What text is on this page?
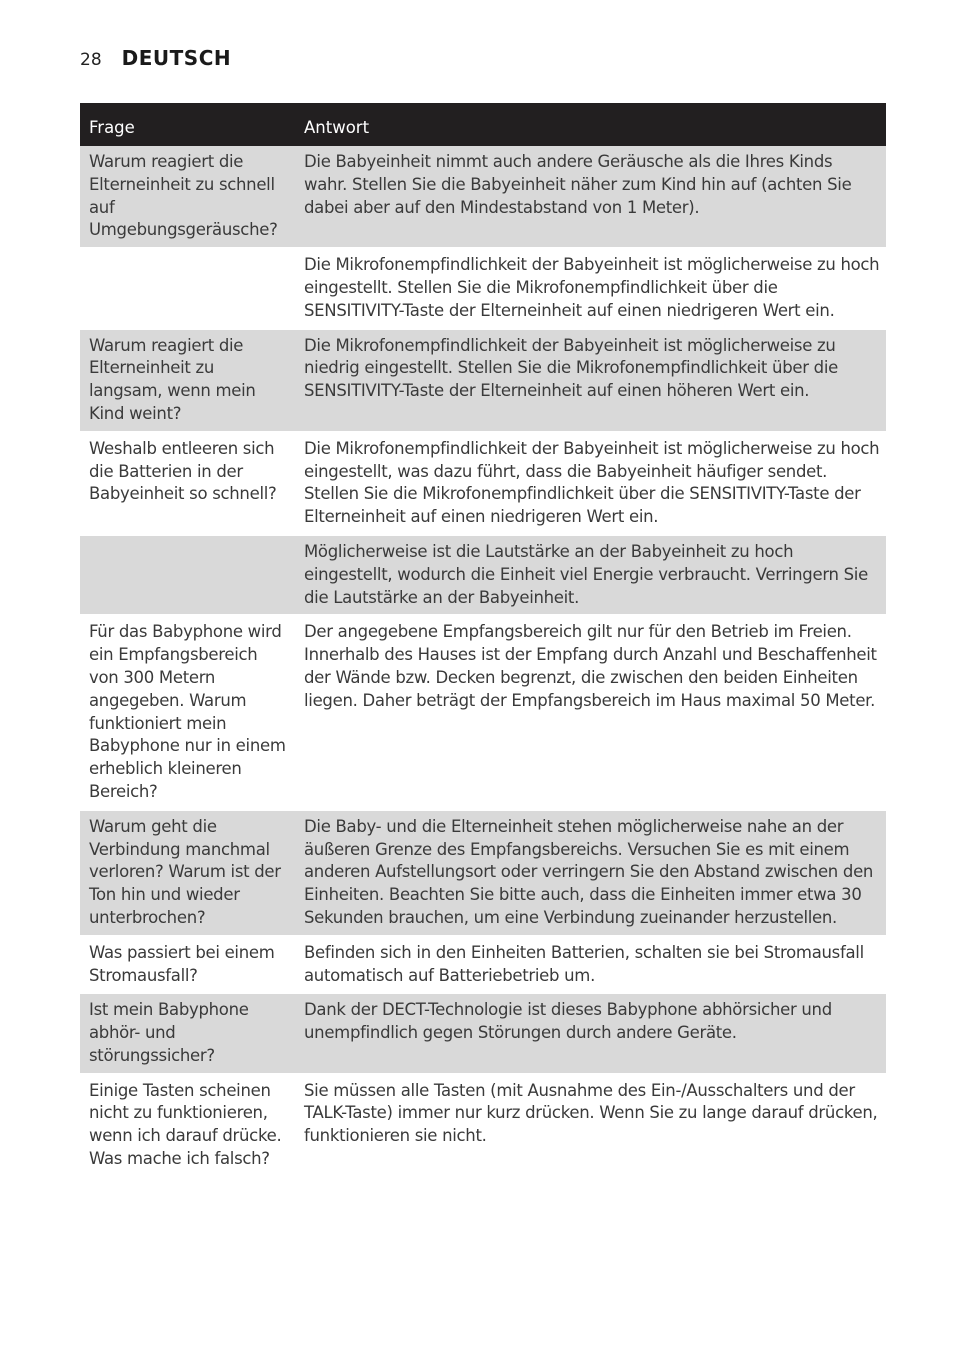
28 DEUTSCH
Frage	Antwort
Warum reagiert die Elterneinheit zu schnell auf Umgebungsgeräusche?	Die Babyeinheit nimmt auch andere Geräusche als die Ihres Kinds wahr. Stellen Sie die Babyeinheit näher zum Kind hin auf (achten Sie dabei aber auf den Mindestabstand von 1 Meter).
	Die Mikrofonempfindlichkeit der Babyeinheit ist möglicherweise zu hoch eingestellt. Stellen Sie die Mikrofonempfindlichkeit über die SENSITIVITY-Taste der Elterneinheit auf einen niedrigeren Wert ein.
Warum reagiert die Elterneinheit zu langsam, wenn mein Kind weint?	Die Mikrofonempfindlichkeit der Babyeinheit ist möglicherweise zu niedrig eingestellt. Stellen Sie die Mikrofonempfindlichkeit über die SENSITIVITY-Taste der Elterneinheit auf einen höheren Wert ein.
Weshalb entleeren sich die Batterien in der Babyeinheit so schnell?	Die Mikrofonempfindlichkeit der Babyeinheit ist möglicherweise zu hoch eingestellt, was dazu führt, dass die Babyeinheit häufiger sendet. Stellen Sie die Mikrofonempfindlichkeit über die SENSITIVITY-Taste der Elterneinheit auf einen niedrigeren Wert ein.
	Möglicherweise ist die Lautstärke an der Babyeinheit zu hoch eingestellt, wodurch die Einheit viel Energie verbraucht. Verringern Sie die Lautstärke an der Babyeinheit.
Für das Babyphone wird ein Empfangsbereich von 300 Metern angegeben. Warum funktioniert mein Babyphone nur in einem erheblich kleineren Bereich?	Der angegebene Empfangsbereich gilt nur für den Betrieb im Freien. Innerhalb des Hauses ist der Empfang durch Anzahl und Beschaffenheit der Wände bzw. Decken begrenzt, die zwischen den beiden Einheiten liegen. Daher beträgt der Empfangsbereich im Haus maximal 50 Meter.
Warum geht die Verbindung manchmal verloren? Warum ist der Ton hin und wieder unterbrochen?	Die Baby- und die Elterneinheit stehen möglicherweise nahe an der äußeren Grenze des Empfangsbereichs. Versuchen Sie es mit einem anderen Aufstellungsort oder verringern Sie den Abstand zwischen den Einheiten. Beachten Sie bitte auch, dass die Einheiten immer etwa 30 Sekunden brauchen, um eine Verbindung zueinander herzustellen.
Was passiert bei einem Stromausfall?	Befinden sich in den Einheiten Batterien, schalten sie bei Stromausfall automatisch auf Batteriebetrieb um.
Ist mein Babyphone abhör- und störungssicher?	Dank der DECT-Technologie ist dieses Babyphone abhörsicher und unempfindlich gegen Störungen durch andere Geräte.
Einige Tasten scheinen nicht zu funktionieren, wenn ich darauf drücke. Was mache ich falsch?	Sie müssen alle Tasten (mit Ausnahme des Ein-/Ausschalters und der TALK-Taste) immer nur kurz drücken. Wenn Sie zu lange darauf drücken, funktionieren sie nicht.
